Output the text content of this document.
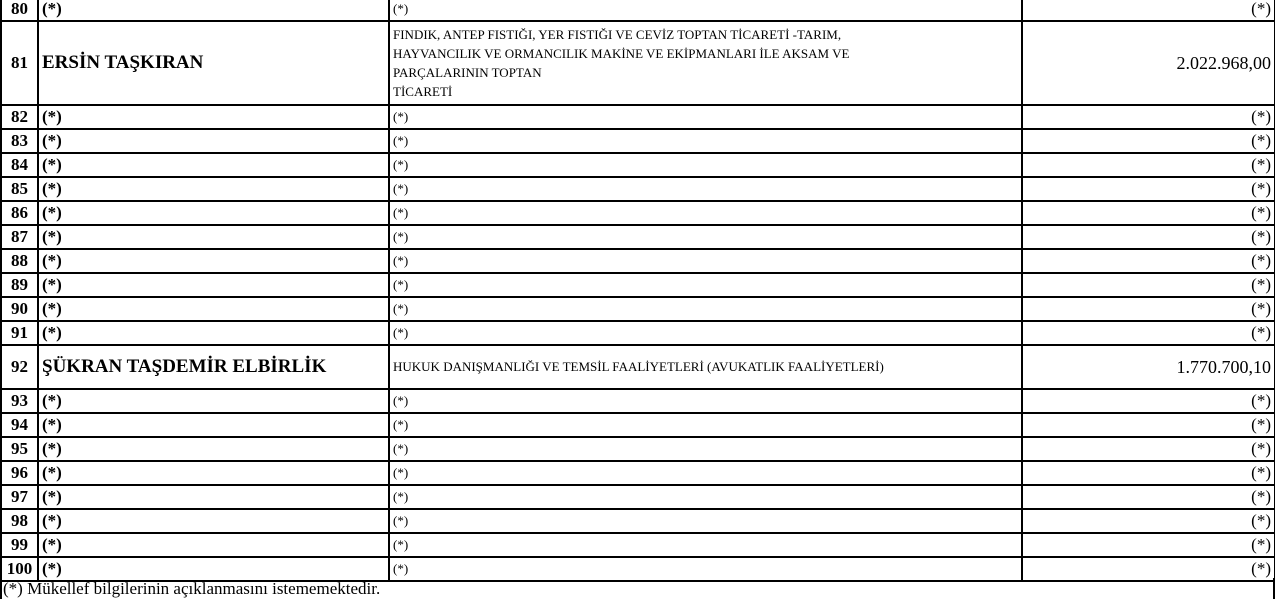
80	(*)	(*)	(*)
81	ERSİN TAŞKIRAN	FINDIK, ANTEP FISTIĞI, YER FISTIĞI VE CEVİZ TOPTAN TİCARETİ -TARIM,
HAYVANCILIK VE ORMANCILIK MAKİNE VE EKİPMANLARI İLE AKSAM VE
PARÇALARININ TOPTAN
TİCARETİ	2.022.968,00
82	(*)	(*)	(*)
83	(*)	(*)	(*)
84	(*)	(*)	(*)
85	(*)	(*)	(*)
86	(*)	(*)	(*)
87	(*)	(*)	(*)
88	(*)	(*)	(*)
89	(*)	(*)	(*)
90	(*)	(*)	(*)
91	(*)	(*)	(*)
92	ŞÜKRAN TAŞDEMİR ELBİRLİK	HUKUK DANIŞMANLIĞI VE TEMSİL FAALİYETLERİ (AVUKATLIK FAALİYETLERİ)	1.770.700,10
93	(*)	(*)	(*)
94	(*)	(*)	(*)
95	(*)	(*)	(*)
96	(*)	(*)	(*)
97	(*)	(*)	(*)
98	(*)	(*)	(*)
99	(*)	(*)	(*)
100	(*)	(*)	(*)
(*) Mükellef bilgilerinin açıklanmasını istememektedir.
